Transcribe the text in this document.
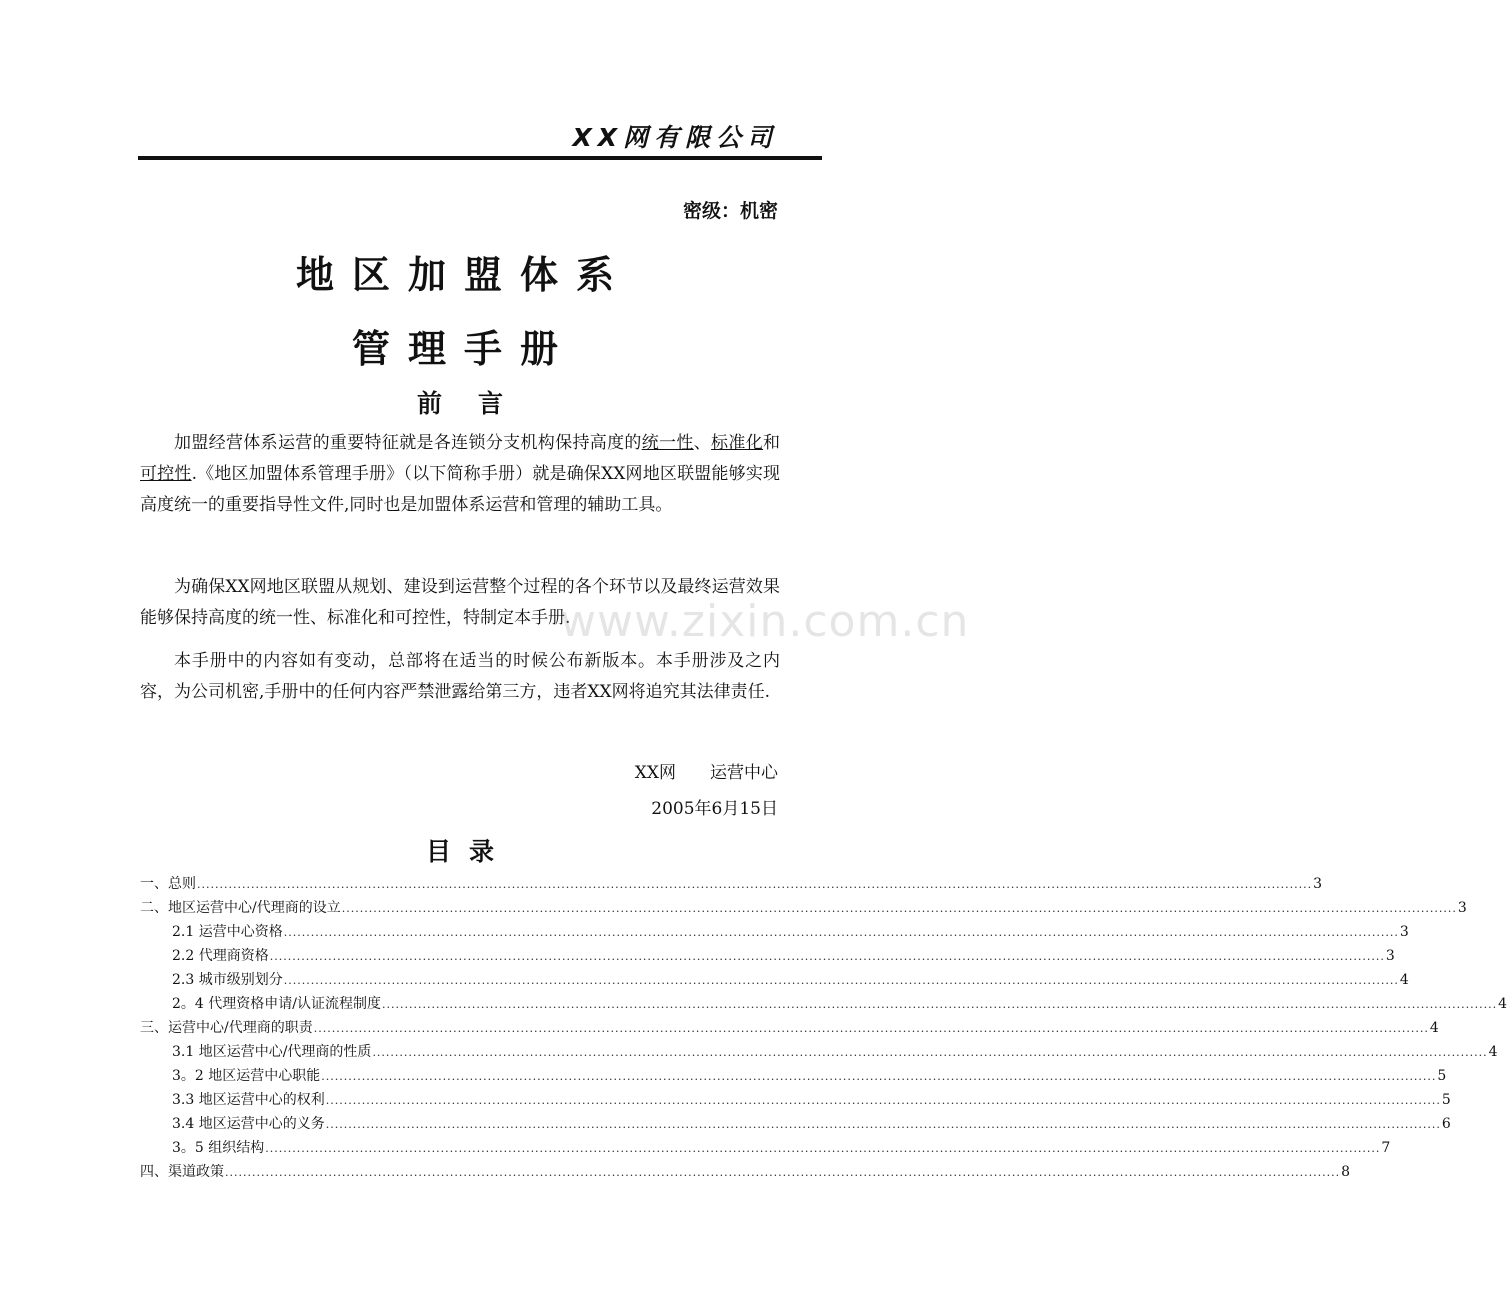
XX网有限公司
密级：机密
地区加盟体系
管理手册
前言

加盟经营体系运营的重要特征就是各连锁分支机构保持高度的统一性、标准化和可控性.《地区加盟体系管理手册》（以下简称手册）就是确保XX网地区联盟能够实现高度统一的重要指导性文件,同时也是加盟体系运营和管理的辅助工具。

为确保XX网地区联盟从规划、建设到运营整个过程的各个环节以及最终运营效果能够保持高度的统一性、标准化和可控性，特制定本手册.

本手册中的内容如有变动，总部将在适当的时候公布新版本。本手册涉及之内容，为公司机密,手册中的任何内容严禁泄露给第三方，违者XX网将追究其法律责任.

XX网 运营中心
2005年6月15日
目录
一、总则 .....	3
二、地区运营中心/代理商的设立 .....	3
2.1 运营中心资格 .....	3
2.2 代理商资格 .....	3
2.3 城市级别划分 .....	4
2。4 代理资格申请/认证流程制度 .....	4
三、运营中心/代理商的职责 .....	4
3.1 地区运营中心/代理商的性质 .....	4
3。2 地区运营中心职能 .....	5
3.3 地区运营中心的权利 .....	5
3.4 地区运营中心的义务 .....	6
3。5 组织结构 .....	7
四、渠道政策 .....	8
www.zixin.com.cn
